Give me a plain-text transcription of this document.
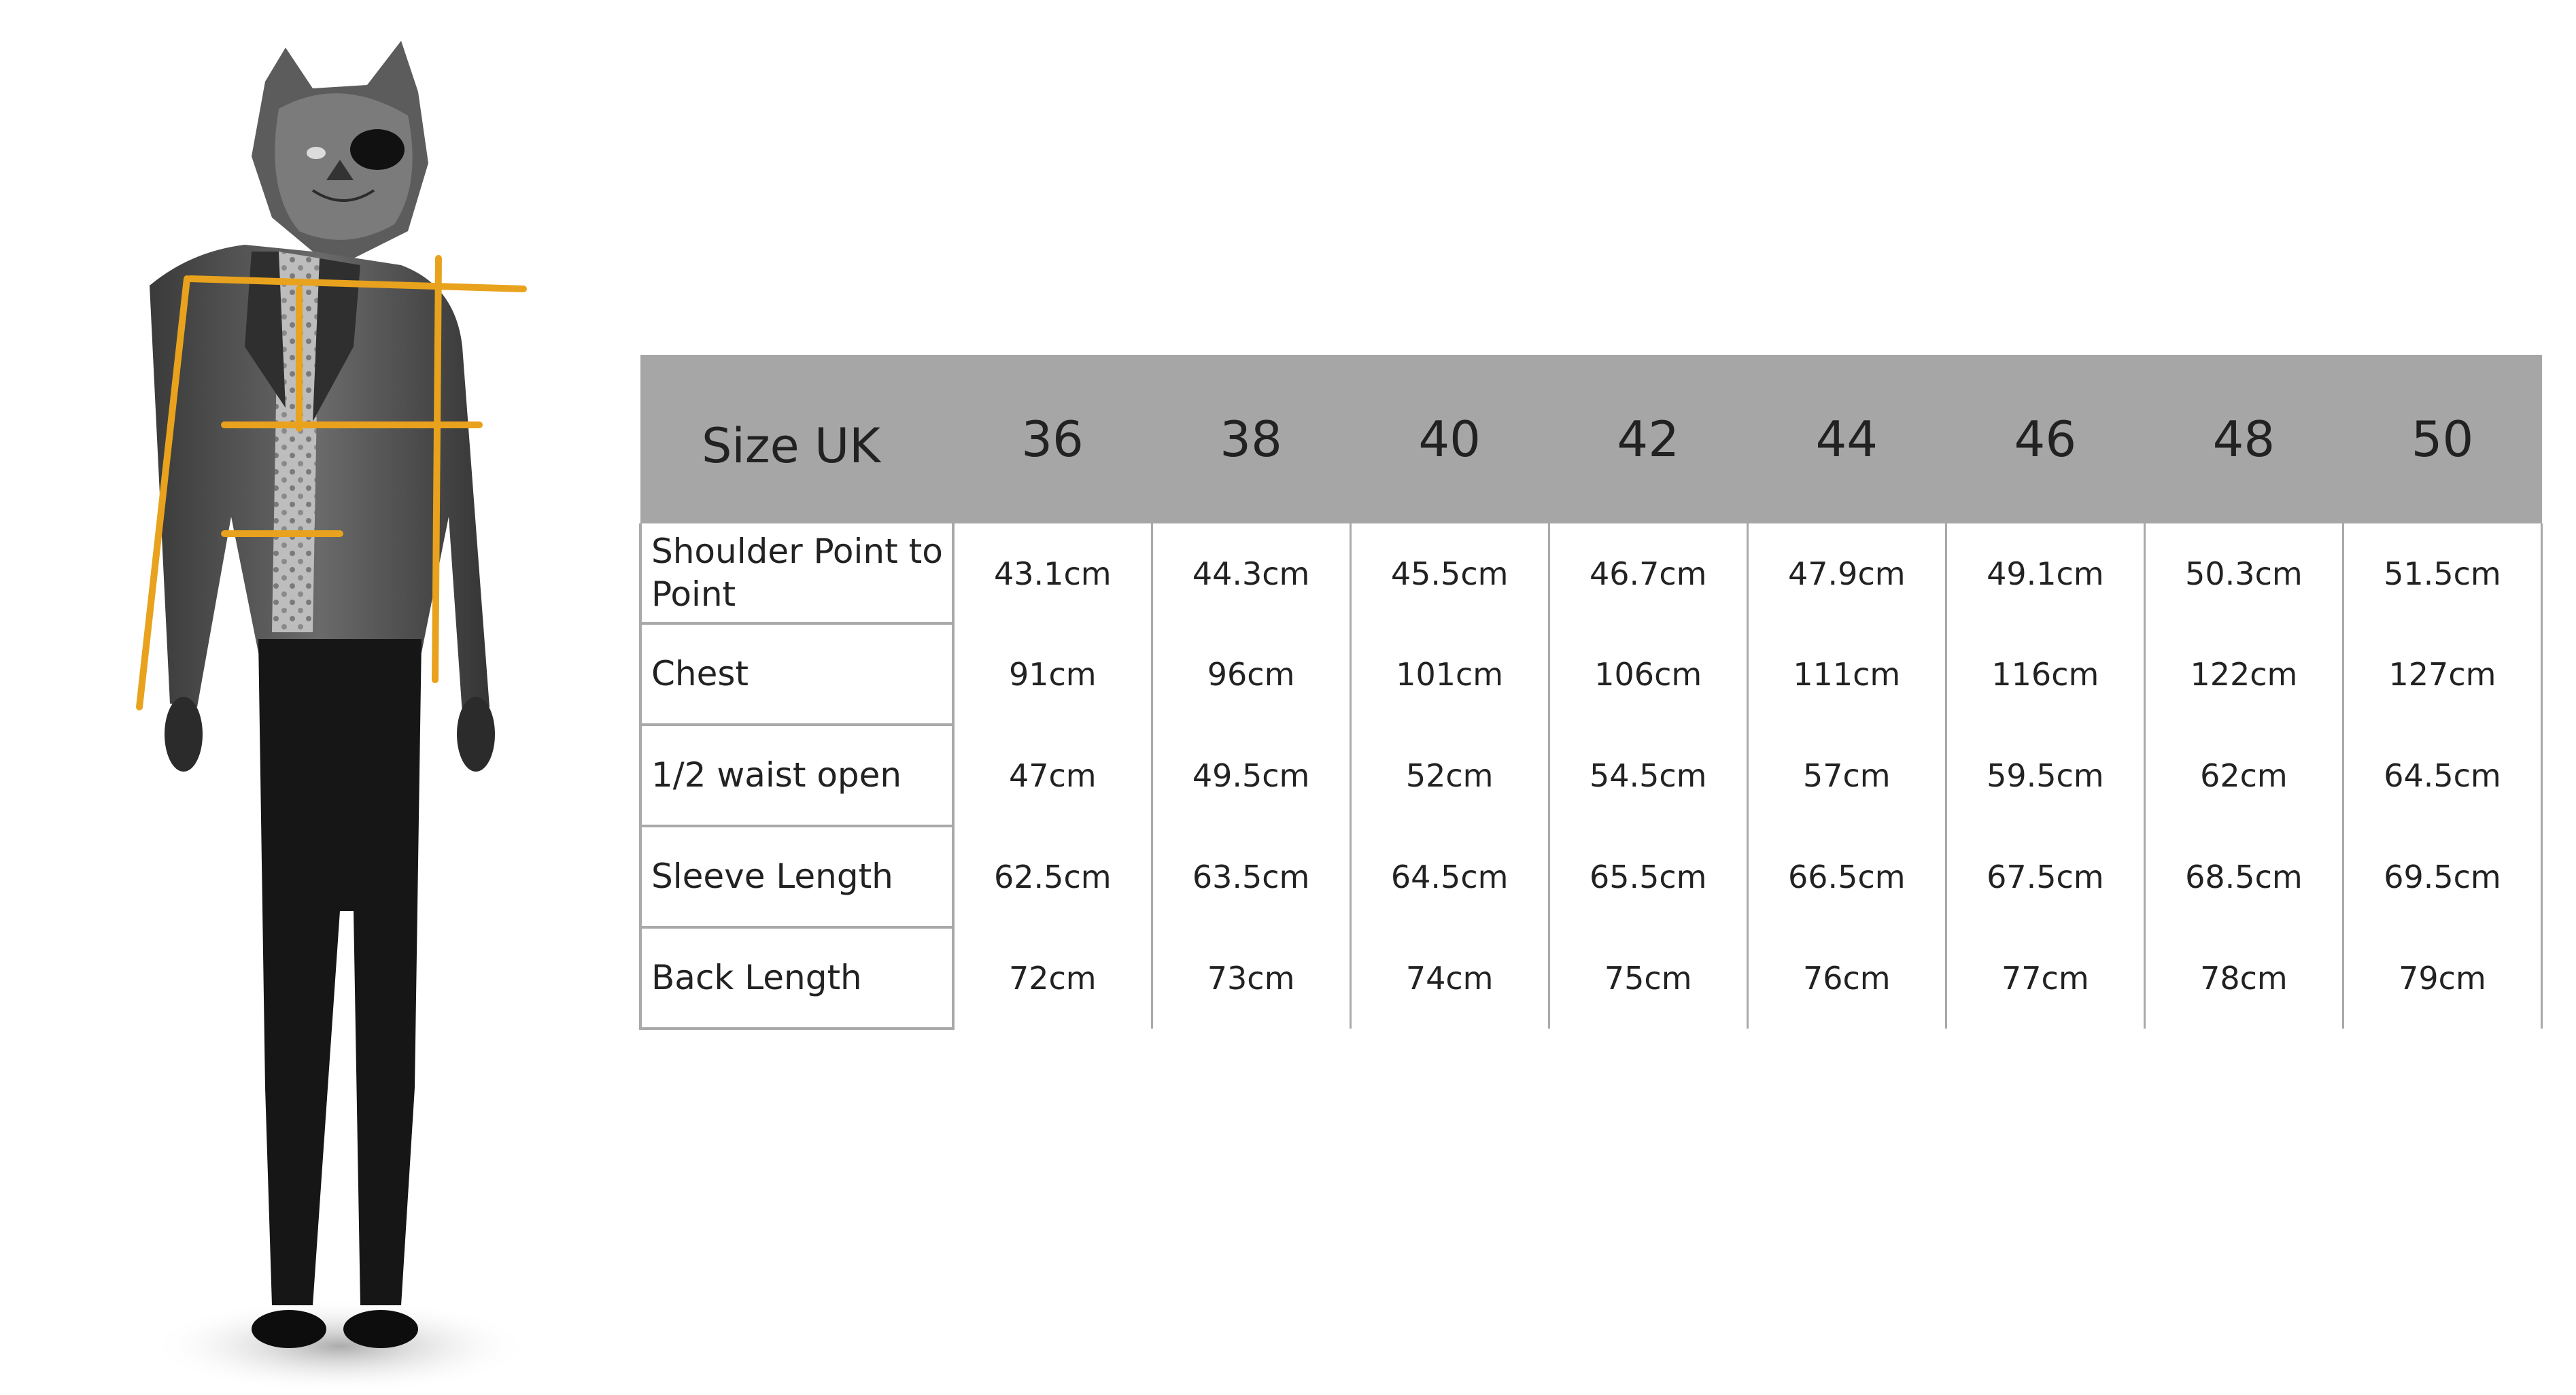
Size UK	36	38	40	42	44	46	48	50
Shoulder Point to Point	43.1cm	44.3cm	45.5cm	46.7cm	47.9cm	49.1cm	50.3cm	51.5cm
Chest	91cm	96cm	101cm	106cm	111cm	116cm	122cm	127cm
1/2 waist open	47cm	49.5cm	52cm	54.5cm	57cm	59.5cm	62cm	64.5cm
Sleeve Length	62.5cm	63.5cm	64.5cm	65.5cm	66.5cm	67.5cm	68.5cm	69.5cm
Back Length	72cm	73cm	74cm	75cm	76cm	77cm	78cm	79cm
